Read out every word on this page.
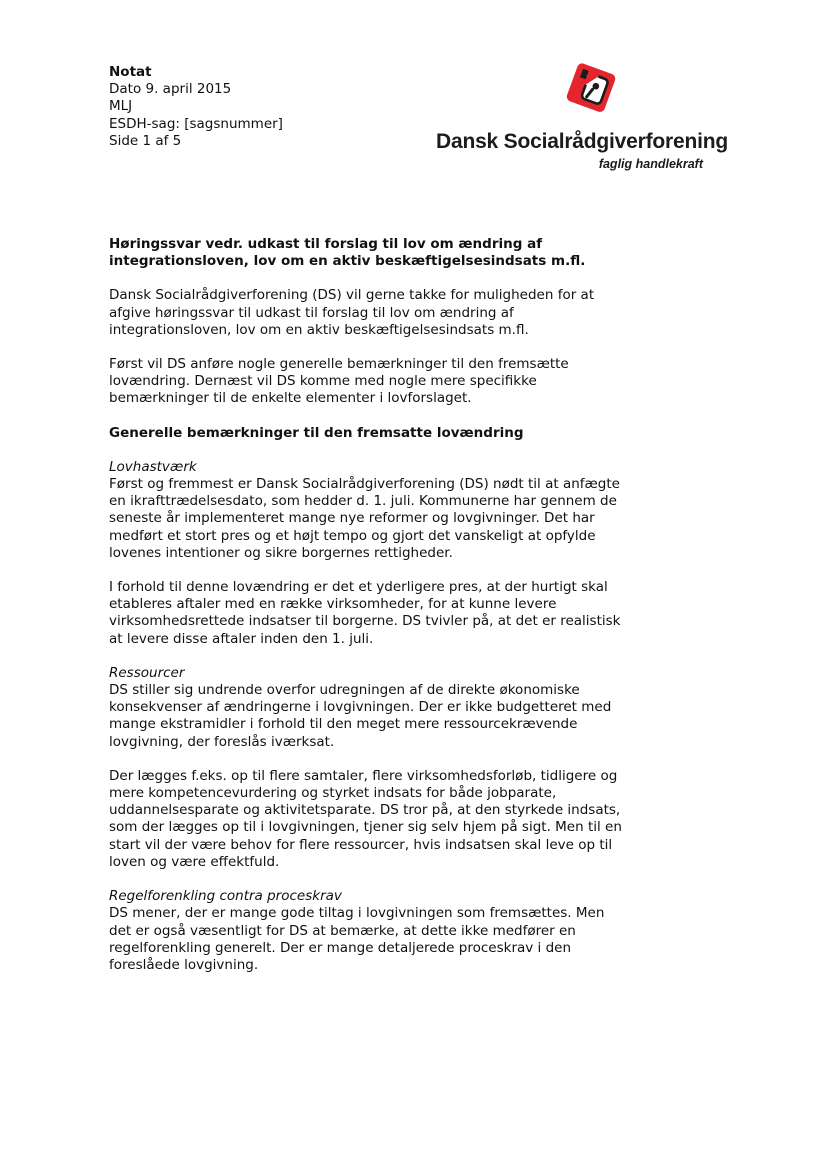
Notat
Dato 9. april 2015
MLJ
ESDH-sag: [sagsnummer]
Side 1 af 5	Dansk Socialrådgiverforening
faglig handlekraft

Høringssvar vedr. udkast til forslag til lov om ændring af integrationsloven, lov om en aktiv beskæftigelsesindsats m.fl.

Dansk Socialrådgiverforening (DS) vil gerne takke for muligheden for at afgive høringssvar til udkast til forslag til lov om ændring af integrationsloven, lov om en aktiv beskæftigelsesindsats m.fl.

Først vil DS anføre nogle generelle bemærkninger til den fremsætte lovændring. Dernæst vil DS komme med nogle mere specifikke bemærkninger til de enkelte elementer i lovforslaget.

Generelle bemærkninger til den fremsatte lovændring

Lovhastværk

Først og fremmest er Dansk Socialrådgiverforening (DS) nødt til at anfægte en ikrafttrædelsesdato, som hedder d. 1. juli. Kommunerne har gennem de seneste år implementeret mange nye reformer og lovgivninger. Det har medført et stort pres og et højt tempo og gjort det vanskeligt at opfylde lovenes intentioner og sikre borgernes rettigheder.

I forhold til denne lovændring er det et yderligere pres, at der hurtigt skal etableres aftaler med en række virksomheder, for at kunne levere virksomhedsrettede indsatser til borgerne. DS tvivler på, at det er realistisk at levere disse aftaler inden den 1. juli.

Ressourcer

DS stiller sig undrende overfor udregningen af de direkte økonomiske konsekvenser af ændringerne i lovgivningen. Der er ikke budgetteret med mange ekstramidler i forhold til den meget mere ressourcekrævende lovgivning, der foreslås iværksat.

Der lægges f.eks. op til flere samtaler, flere virksomhedsforløb, tidligere og mere kompetencevurdering og styrket indsats for både jobparate, uddannelsesparate og aktivitetsparate. DS tror på, at den styrkede indsats, som der lægges op til i lovgivningen, tjener sig selv hjem på sigt. Men til en start vil der være behov for flere ressourcer, hvis indsatsen skal leve op til loven og være effektfuld.

Regelforenkling contra proceskrav

DS mener, der er mange gode tiltag i lovgivningen som fremsættes. Men det er også væsentligt for DS at bemærke, at dette ikke medfører en regelforenkling generelt. Der er mange detaljerede proceskrav i den foreslåede lovgivning.
